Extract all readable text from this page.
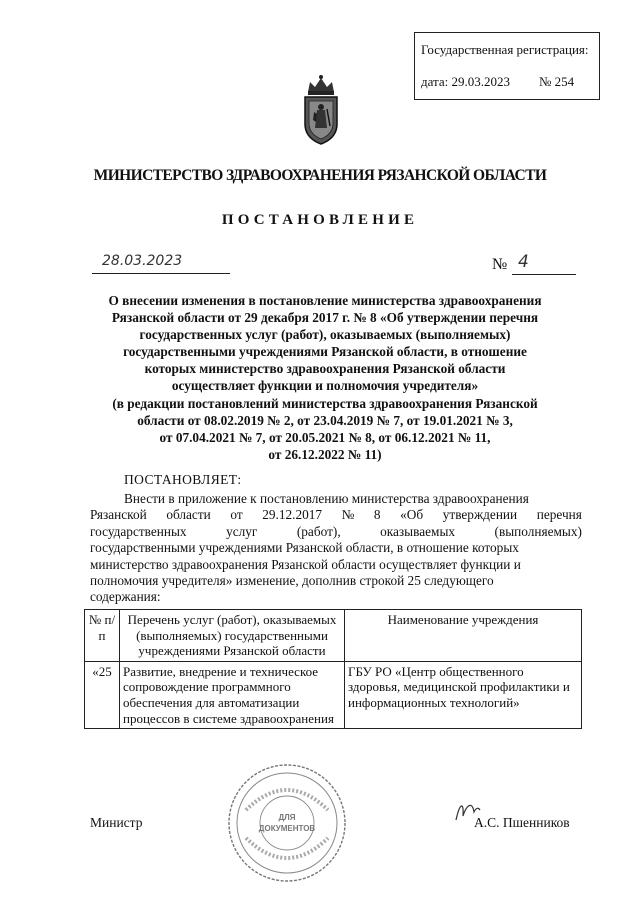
Государственная регистрация:
дата: 29.03.2023 № 254
МИНИСТЕРСТВО ЗДРАВООХРАНЕНИЯ РЯЗАНСКОЙ ОБЛАСТИ
ПОСТАНОВЛЕНИЕ
28.03.2023	№ 4
О внесении изменения в постановление министерства здравоохранения
Рязанской области от 29 декабря 2017 г. № 8 «Об утверждении перечня
государственных услуг (работ), оказываемых (выполняемых)
государственными учреждениями Рязанской области, в отношение
которых министерство здравоохранения Рязанской области
осуществляет функции и полномочия учредителя»
(в редакции постановлений министерства здравоохранения Рязанской
области от 08.02.2019 № 2, от 23.04.2019 № 7, от 19.01.2021 № 3,
от 07.04.2021 № 7, от 20.05.2021 № 8, от 06.12.2021 № 11,
от 26.12.2022 № 11)
ПОСТАНОВЛЯЕТ:
Внести в приложение к постановлению министерства здравоохранения
Рязанской области от 29.12.2017 № 8 «Об утверждении перечня
государственных	услуг	(работ),	оказываемых	(выполняемых)
государственными учреждениями Рязанской области, в отношение которых
министерство здравоохранения Рязанской области осуществляет функции и
полномочия учредителя» изменение, дополнив строкой 25 следующего
содержания:
№ п/п	Перечень услуг (работ), оказываемых (выполняемых) государственными учреждениями Рязанской области	Наименование учреждения
«25	Развитие, внедрение и техническое сопровождение программного обеспечения для автоматизации процессов в системе здравоохранения	ГБУ РО «Центр общественного здоровья, медицинской профилактики и информационных технологий»
ДЛЯ
ДОКУМЕНТОВ
Министр	А.С. Пшенников
